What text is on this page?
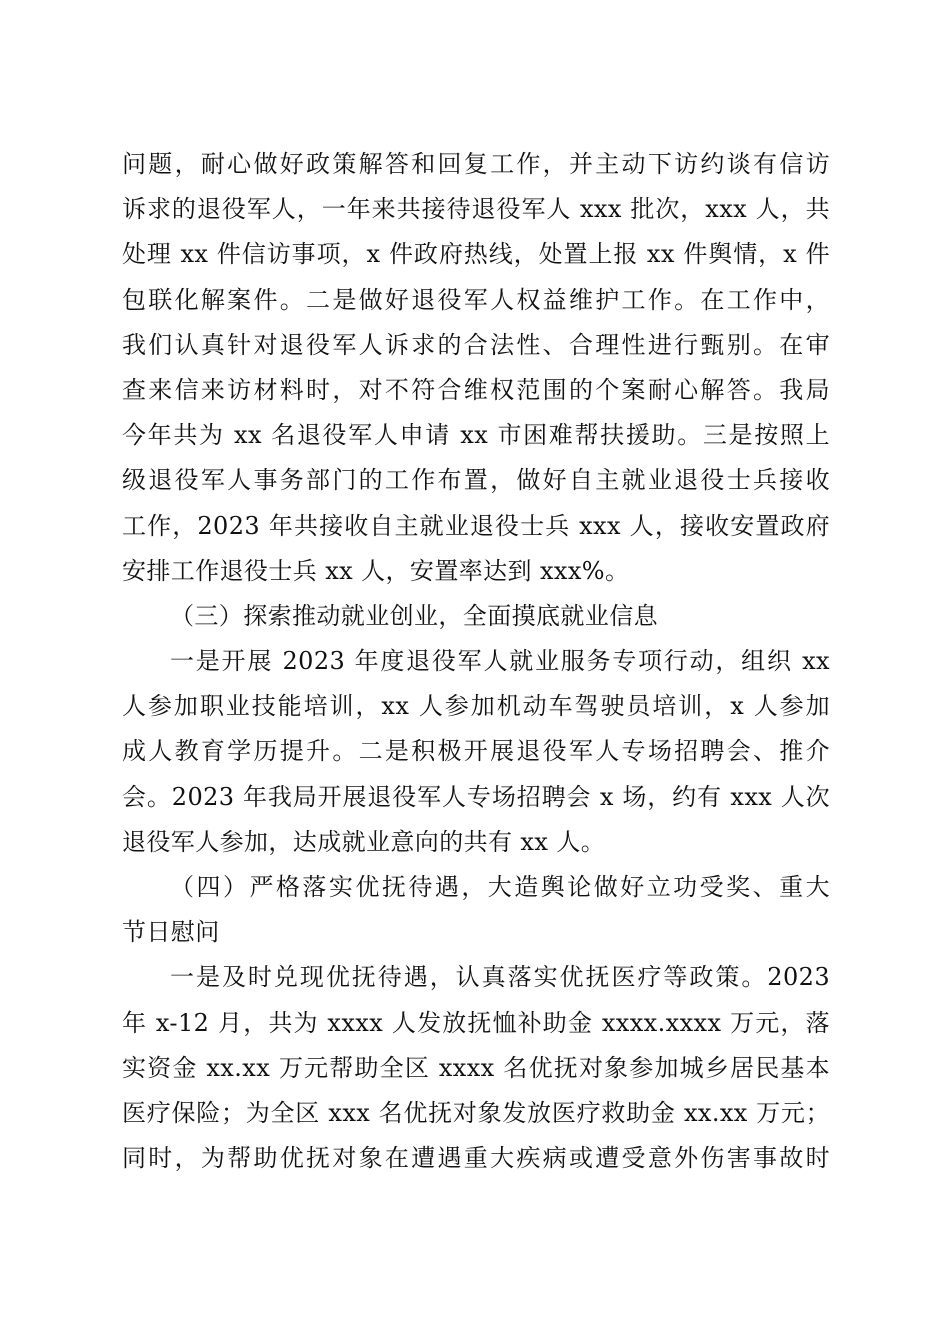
问题，耐心做好政策解答和回复工作，并主动下访约谈有信访
诉求的退役军人，一年来共接待退役军人 xxx 批次，xxx 人，共
处理 xx 件信访事项，x 件政府热线，处置上报 xx 件舆情，x 件
包联化解案件。二是做好退役军人权益维护工作。在工作中，
我们认真针对退役军人诉求的合法性、合理性进行甄别。在审
查来信来访材料时，对不符合维权范围的个案耐心解答。我局
今年共为 xx 名退役军人申请 xx 市困难帮扶援助。三是按照上
级退役军人事务部门的工作布置，做好自主就业退役士兵接收
工作，2023 年共接收自主就业退役士兵 xxx 人，接收安置政府
安排工作退役士兵 xx 人，安置率达到 xxx%。
（三）探索推动就业创业，全面摸底就业信息
一是开展 2023 年度退役军人就业服务专项行动，组织 xx
人参加职业技能培训，xx 人参加机动车驾驶员培训，x 人参加
成人教育学历提升。二是积极开展退役军人专场招聘会、推介
会。2023 年我局开展退役军人专场招聘会 x 场，约有 xxx 人次
退役军人参加，达成就业意向的共有 xx 人。
（四）严格落实优抚待遇，大造舆论做好立功受奖、重大
节日慰问
一是及时兑现优抚待遇，认真落实优抚医疗等政策。2023
年 x-12 月，共为 xxxx 人发放抚恤补助金 xxxx.xxxx 万元，落
实资金 xx.xx 万元帮助全区 xxxx 名优抚对象参加城乡居民基本
医疗保险；为全区 xxx 名优抚对象发放医疗救助金 xx.xx 万元；
同时，为帮助优抚对象在遭遇重大疾病或遭受意外伤害事故时
